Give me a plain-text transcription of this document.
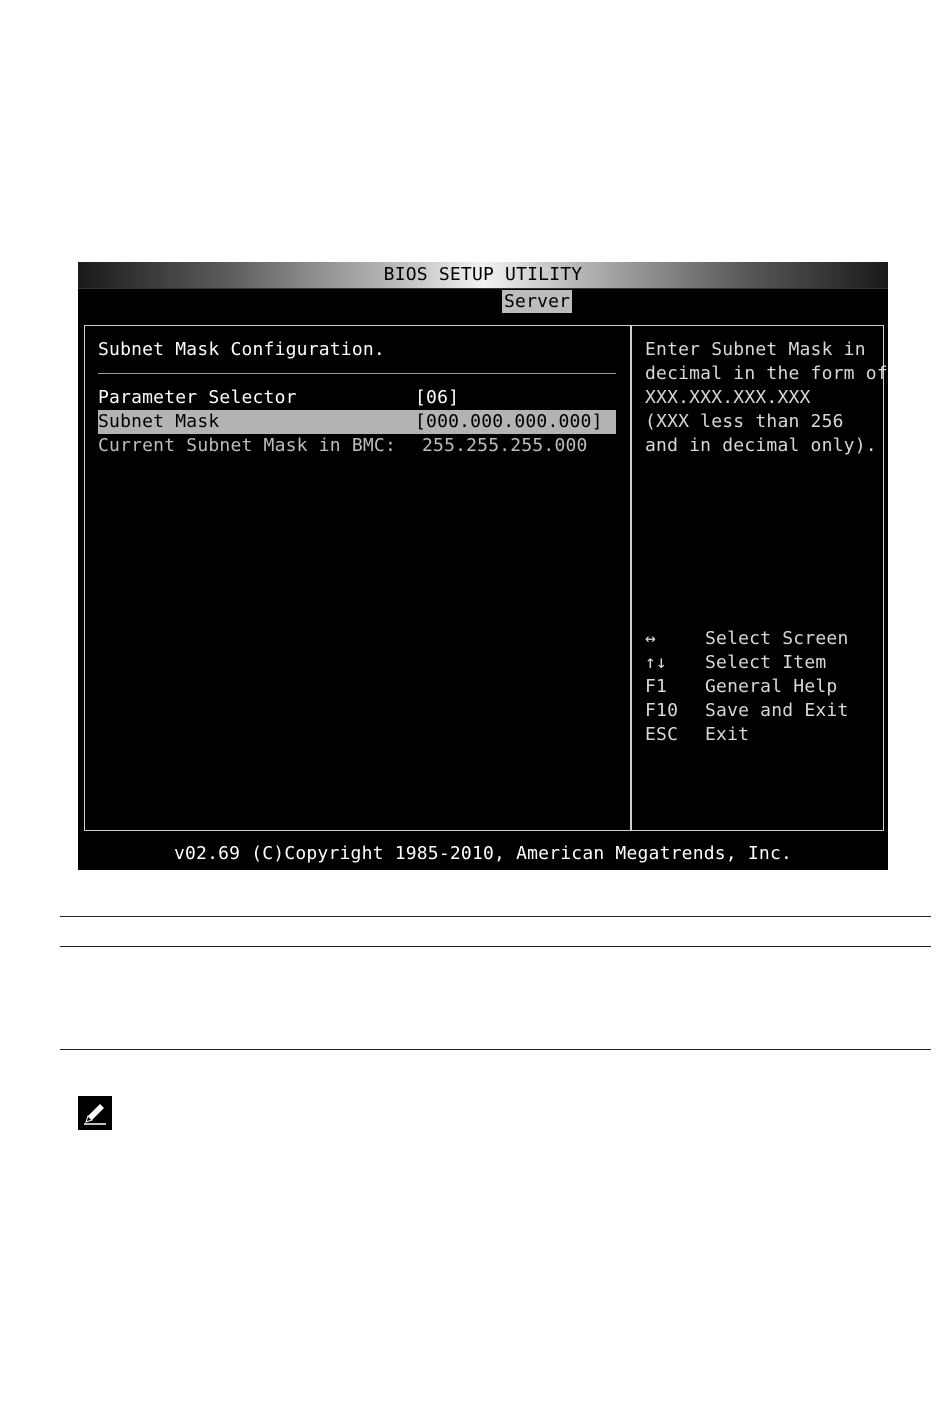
BIOS SETUP UTILITY
Server
Subnet Mask Configuration.
Parameter Selector	[06]
Subnet Mask	[000.000.000.000]
Current Subnet Mask in BMC: 255.255.255.000
Enter Subnet Mask in
decimal in the form of
XXX.XXX.XXX.XXX
(XXX less than 256
and in decimal only).
↔	Select Screen
↑↓	Select Item
F1	General Help
F10	Save and Exit
ESC	Exit
v02.69 (C)Copyright 1985-2010, American Megatrends, Inc.
